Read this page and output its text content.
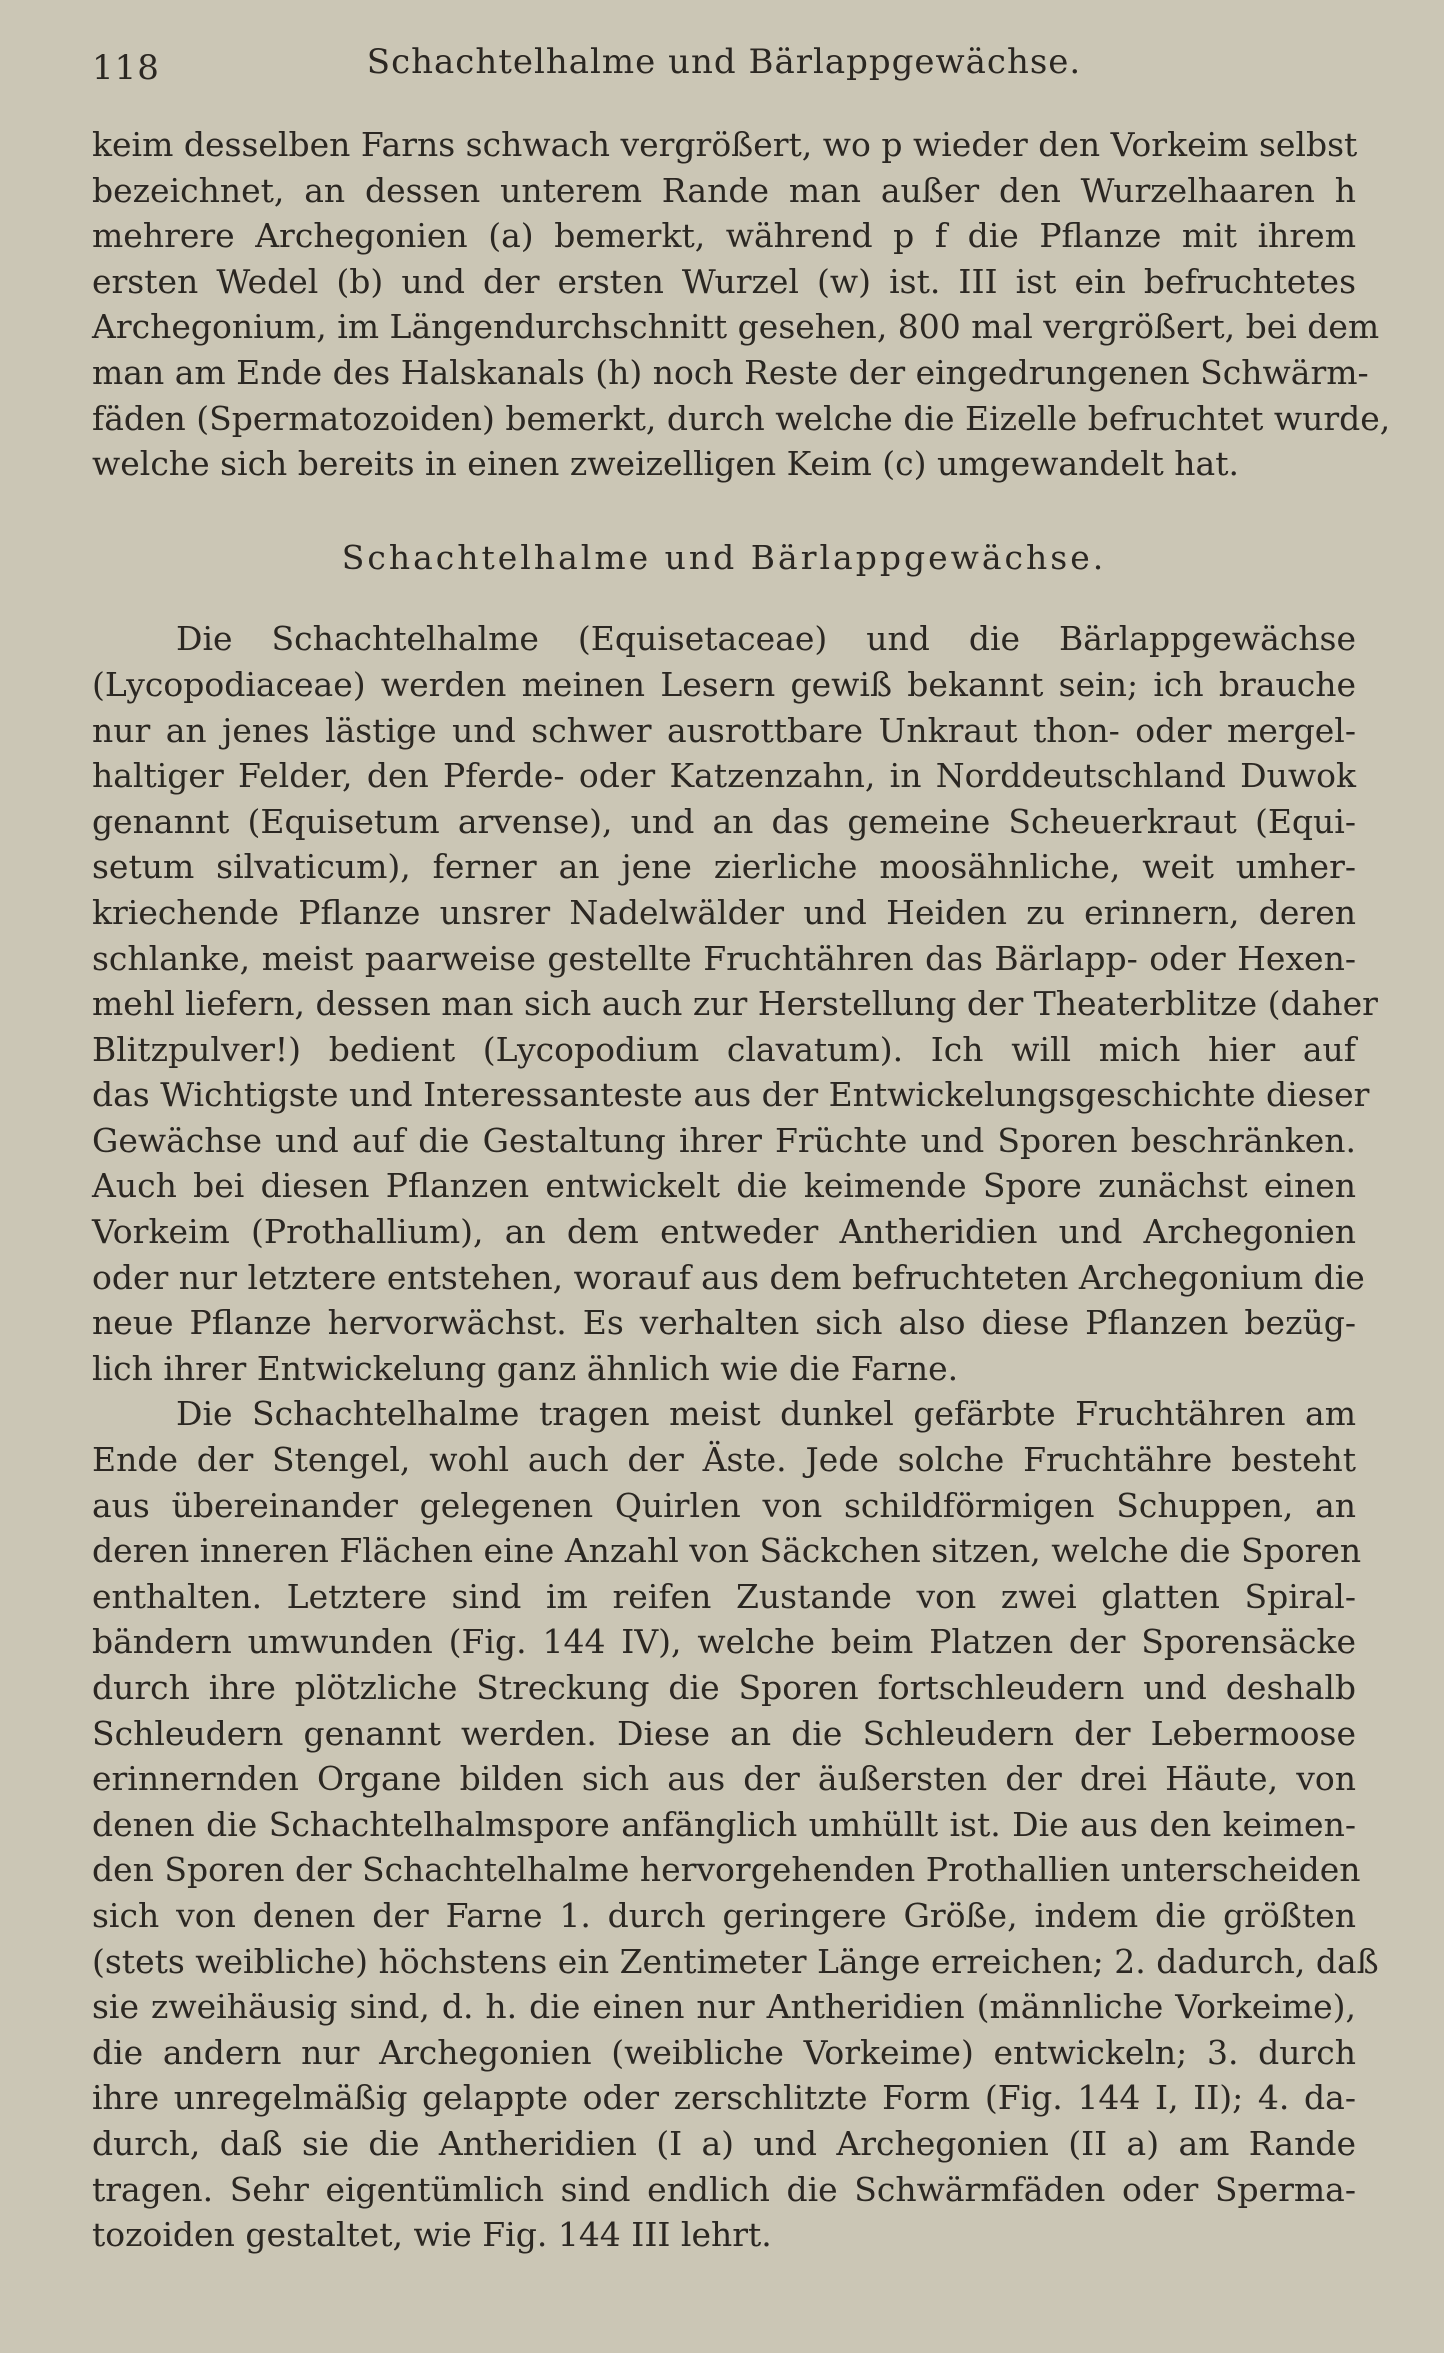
118	Schachtelhalme und Bärlappgewächse.

keim desselben Farns schwach vergrößert, wo p wieder den Vorkeim selbst
bezeichnet, an dessen unterem Rande man außer den Wurzelhaaren h
mehrere Archegonien (a) bemerkt, während p f die Pflanze mit ihrem
ersten Wedel (b) und der ersten Wurzel (w) ist. III ist ein befruchtetes
Archegonium, im Längendurchschnitt gesehen, 800 mal vergrößert, bei dem
man am Ende des Halskanals (h) noch Reste der eingedrungenen Schwärm-
fäden (Spermatozoiden) bemerkt, durch welche die Eizelle befruchtet wurde,
welche sich bereits in einen zweizelligen Keim (c) umgewandelt hat.

Schachtelhalme und Bärlappgewächse.

Die Schachtelhalme (Equisetaceae) und die Bärlappgewächse
(Lycopodiaceae) werden meinen Lesern gewiß bekannt sein; ich brauche
nur an jenes lästige und schwer ausrottbare Unkraut thon- oder mergel-
haltiger Felder, den Pferde- oder Katzenzahn, in Norddeutschland Duwok
genannt (Equisetum arvense), und an das gemeine Scheuerkraut (Equi-
setum silvaticum), ferner an jene zierliche moosähnliche, weit umher-
kriechende Pflanze unsrer Nadelwälder und Heiden zu erinnern, deren
schlanke, meist paarweise gestellte Fruchtähren das Bärlapp- oder Hexen-
mehl liefern, dessen man sich auch zur Herstellung der Theaterblitze (daher
Blitzpulver!) bedient (Lycopodium clavatum). Ich will mich hier auf
das Wichtigste und Interessanteste aus der Entwickelungsgeschichte dieser
Gewächse und auf die Gestaltung ihrer Früchte und Sporen beschränken.
Auch bei diesen Pflanzen entwickelt die keimende Spore zunächst einen
Vorkeim (Prothallium), an dem entweder Antheridien und Archegonien
oder nur letztere entstehen, worauf aus dem befruchteten Archegonium die
neue Pflanze hervorwächst. Es verhalten sich also diese Pflanzen bezüg-
lich ihrer Entwickelung ganz ähnlich wie die Farne.

Die Schachtelhalme tragen meist dunkel gefärbte Fruchtähren am
Ende der Stengel, wohl auch der Äste. Jede solche Fruchtähre besteht
aus übereinander gelegenen Quirlen von schildförmigen Schuppen, an
deren inneren Flächen eine Anzahl von Säckchen sitzen, welche die Sporen
enthalten. Letztere sind im reifen Zustande von zwei glatten Spiral-
bändern umwunden (Fig. 144 IV), welche beim Platzen der Sporensäcke
durch ihre plötzliche Streckung die Sporen fortschleudern und deshalb
Schleudern genannt werden. Diese an die Schleudern der Lebermoose
erinnernden Organe bilden sich aus der äußersten der drei Häute, von
denen die Schachtelhalmspore anfänglich umhüllt ist. Die aus den keimen-
den Sporen der Schachtelhalme hervorgehenden Prothallien unterscheiden
sich von denen der Farne 1. durch geringere Größe, indem die größten
(stets weibliche) höchstens ein Zentimeter Länge erreichen; 2. dadurch, daß
sie zweihäusig sind, d. h. die einen nur Antheridien (männliche Vorkeime),
die andern nur Archegonien (weibliche Vorkeime) entwickeln; 3. durch
ihre unregelmäßig gelappte oder zerschlitzte Form (Fig. 144 I, II); 4. da-
durch, daß sie die Antheridien (I a) und Archegonien (II a) am Rande
tragen. Sehr eigentümlich sind endlich die Schwärmfäden oder Sperma-
tozoiden gestaltet, wie Fig. 144 III lehrt.
